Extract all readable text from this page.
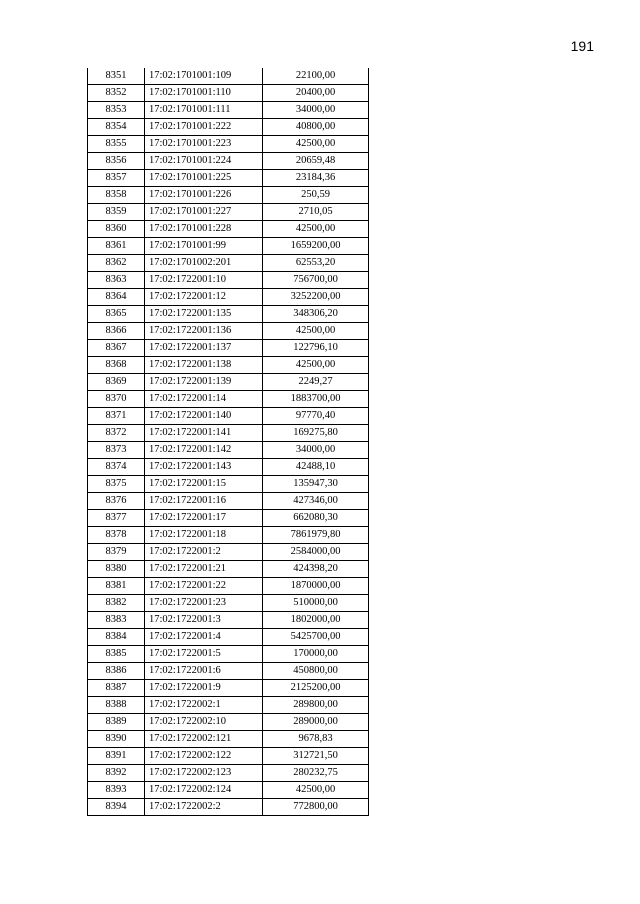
191
8351	17:02:1701001:109	22100,00
8352	17:02:1701001:110	20400,00
8353	17:02:1701001:111	34000,00
8354	17:02:1701001:222	40800,00
8355	17:02:1701001:223	42500,00
8356	17:02:1701001:224	20659,48
8357	17:02:1701001:225	23184,36
8358	17:02:1701001:226	250,59
8359	17:02:1701001:227	2710,05
8360	17:02:1701001:228	42500,00
8361	17:02:1701001:99	1659200,00
8362	17:02:1701002:201	62553,20
8363	17:02:1722001:10	756700,00
8364	17:02:1722001:12	3252200,00
8365	17:02:1722001:135	348306,20
8366	17:02:1722001:136	42500,00
8367	17:02:1722001:137	122796,10
8368	17:02:1722001:138	42500,00
8369	17:02:1722001:139	2249,27
8370	17:02:1722001:14	1883700,00
8371	17:02:1722001:140	97770,40
8372	17:02:1722001:141	169275,80
8373	17:02:1722001:142	34000,00
8374	17:02:1722001:143	42488,10
8375	17:02:1722001:15	135947,30
8376	17:02:1722001:16	427346,00
8377	17:02:1722001:17	662080,30
8378	17:02:1722001:18	7861979,80
8379	17:02:1722001:2	2584000,00
8380	17:02:1722001:21	424398,20
8381	17:02:1722001:22	1870000,00
8382	17:02:1722001:23	510000,00
8383	17:02:1722001:3	1802000,00
8384	17:02:1722001:4	5425700,00
8385	17:02:1722001:5	170000,00
8386	17:02:1722001:6	450800,00
8387	17:02:1722001:9	2125200,00
8388	17:02:1722002:1	289800,00
8389	17:02:1722002:10	289000,00
8390	17:02:1722002:121	9678,83
8391	17:02:1722002:122	312721,50
8392	17:02:1722002:123	280232,75
8393	17:02:1722002:124	42500,00
8394	17:02:1722002:2	772800,00
